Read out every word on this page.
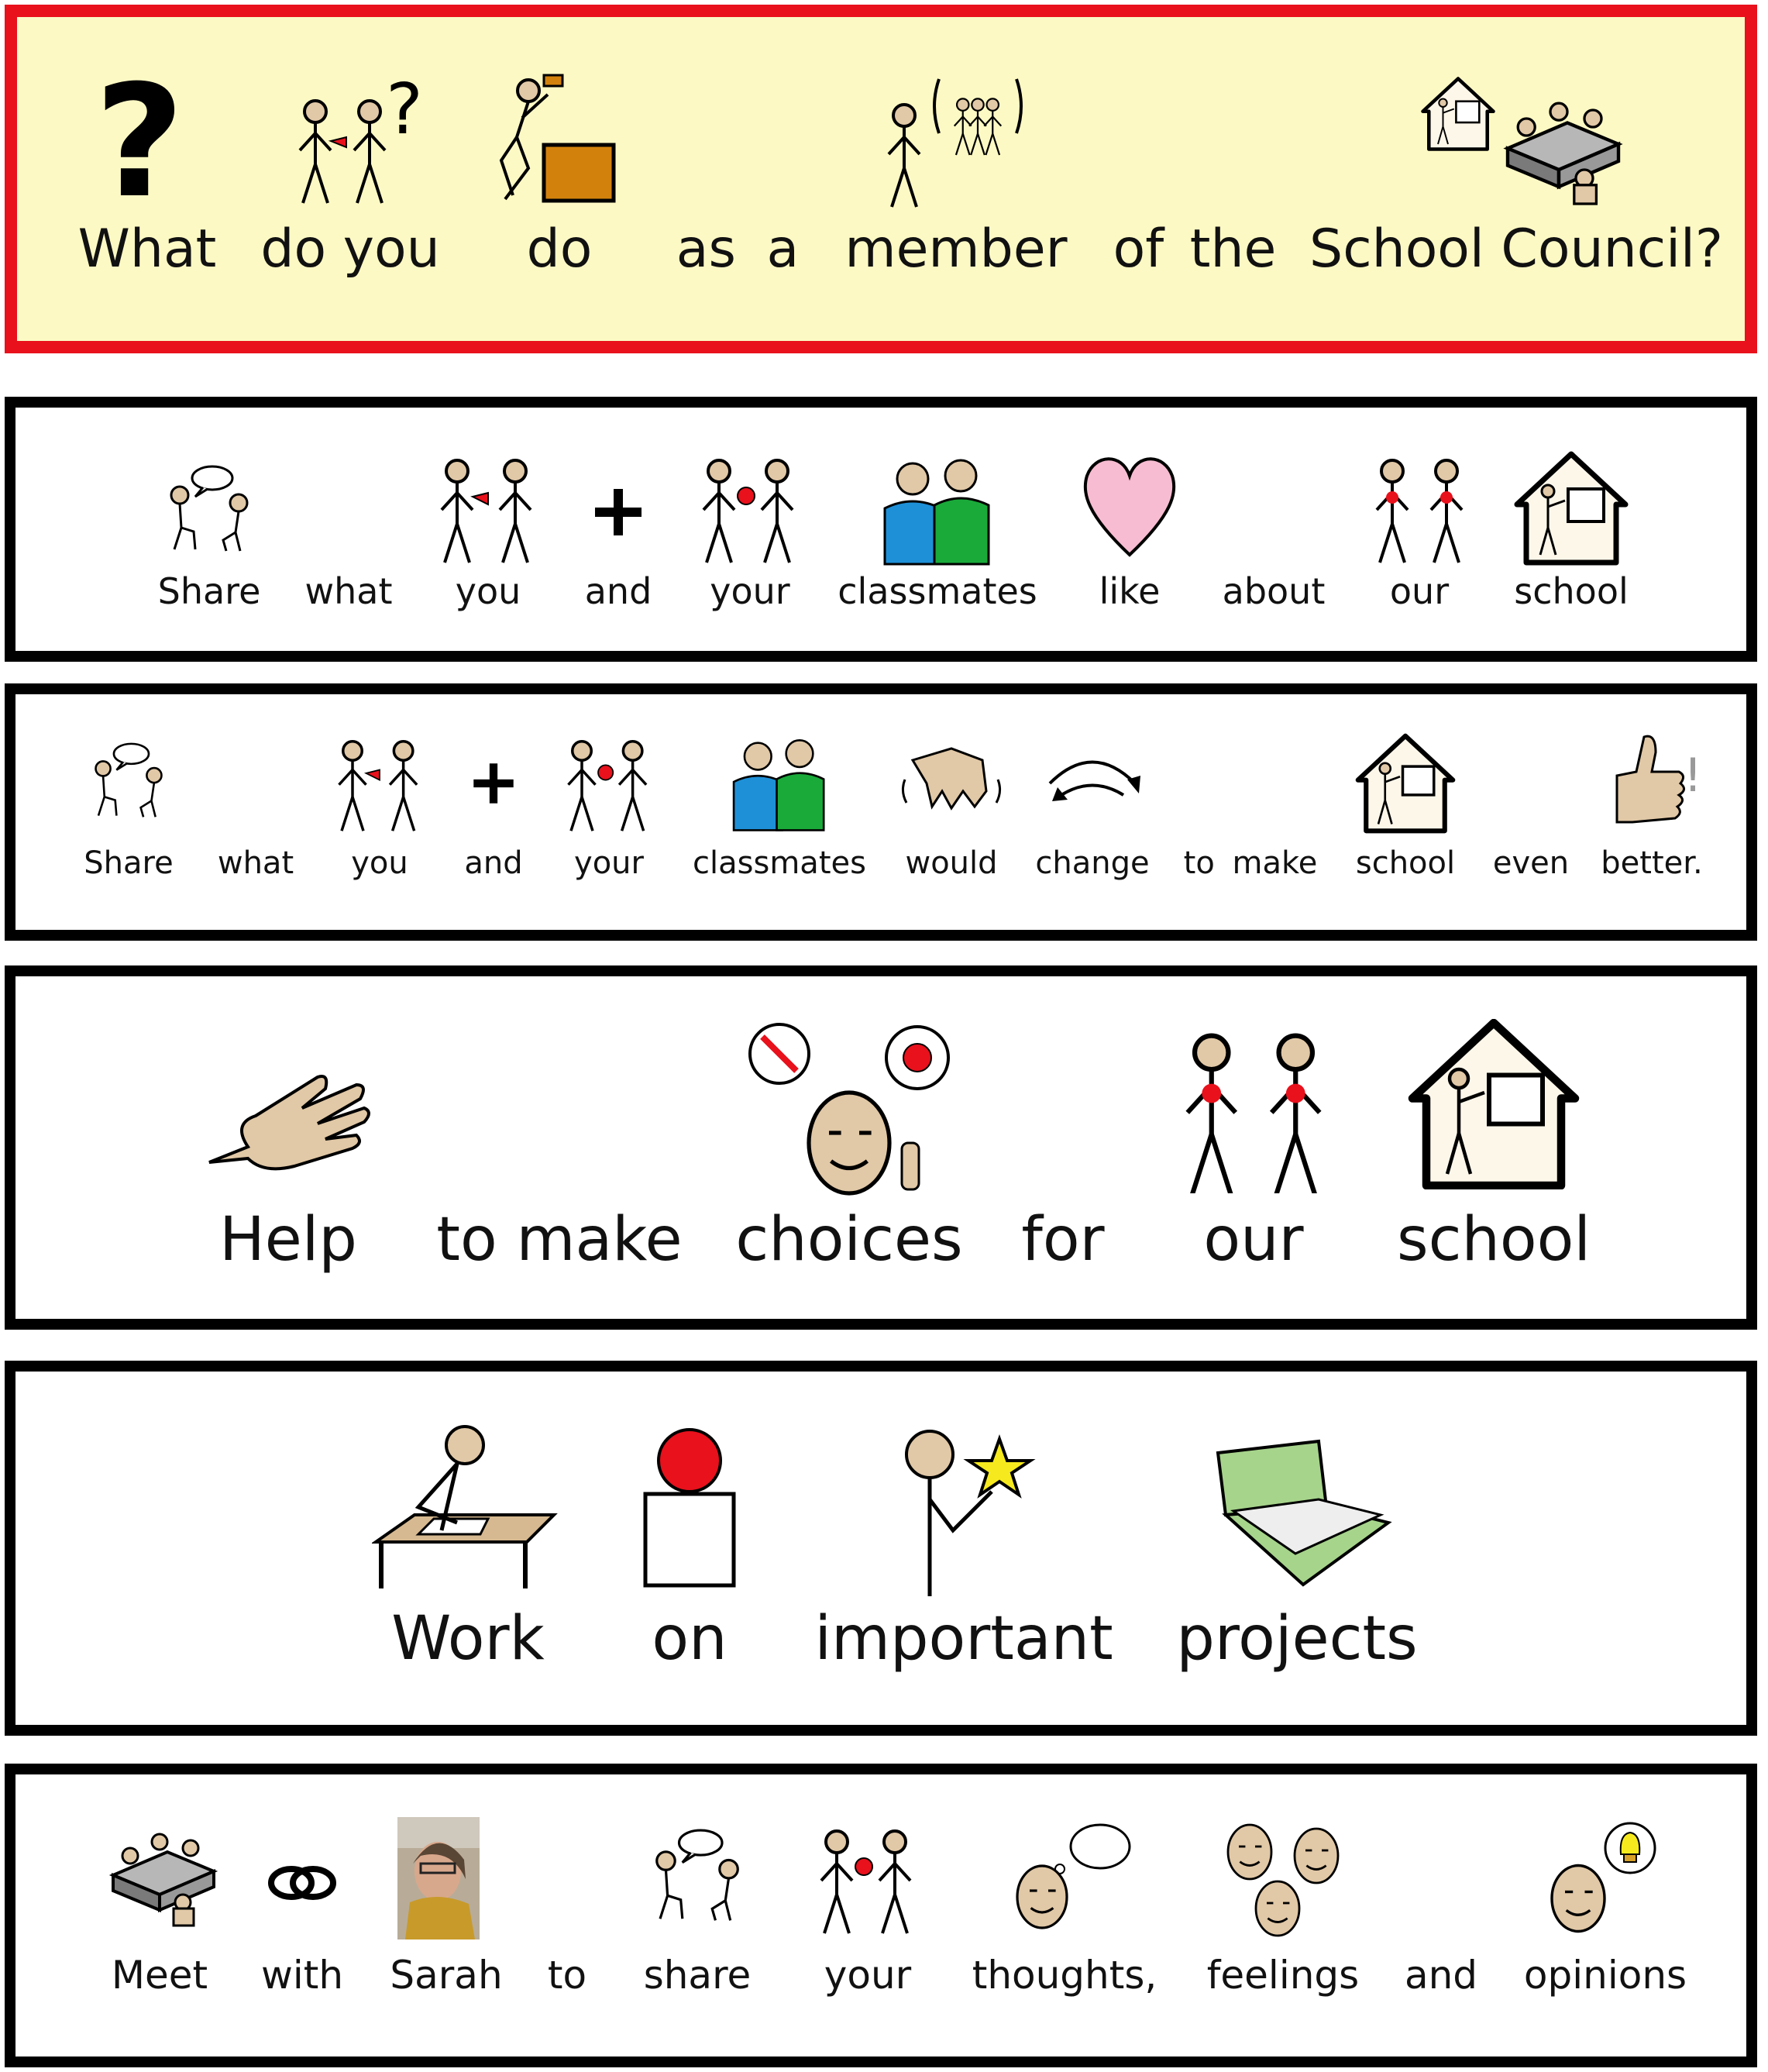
?	?
What do you do as a member of the School Council?
Share what you and your classmates like about our school
!
Share what you and your classmates would change to make school even better.
Help to make choices for our school
Work on important projects
Meet with Sarah to share your thoughts, feelings and opinions
